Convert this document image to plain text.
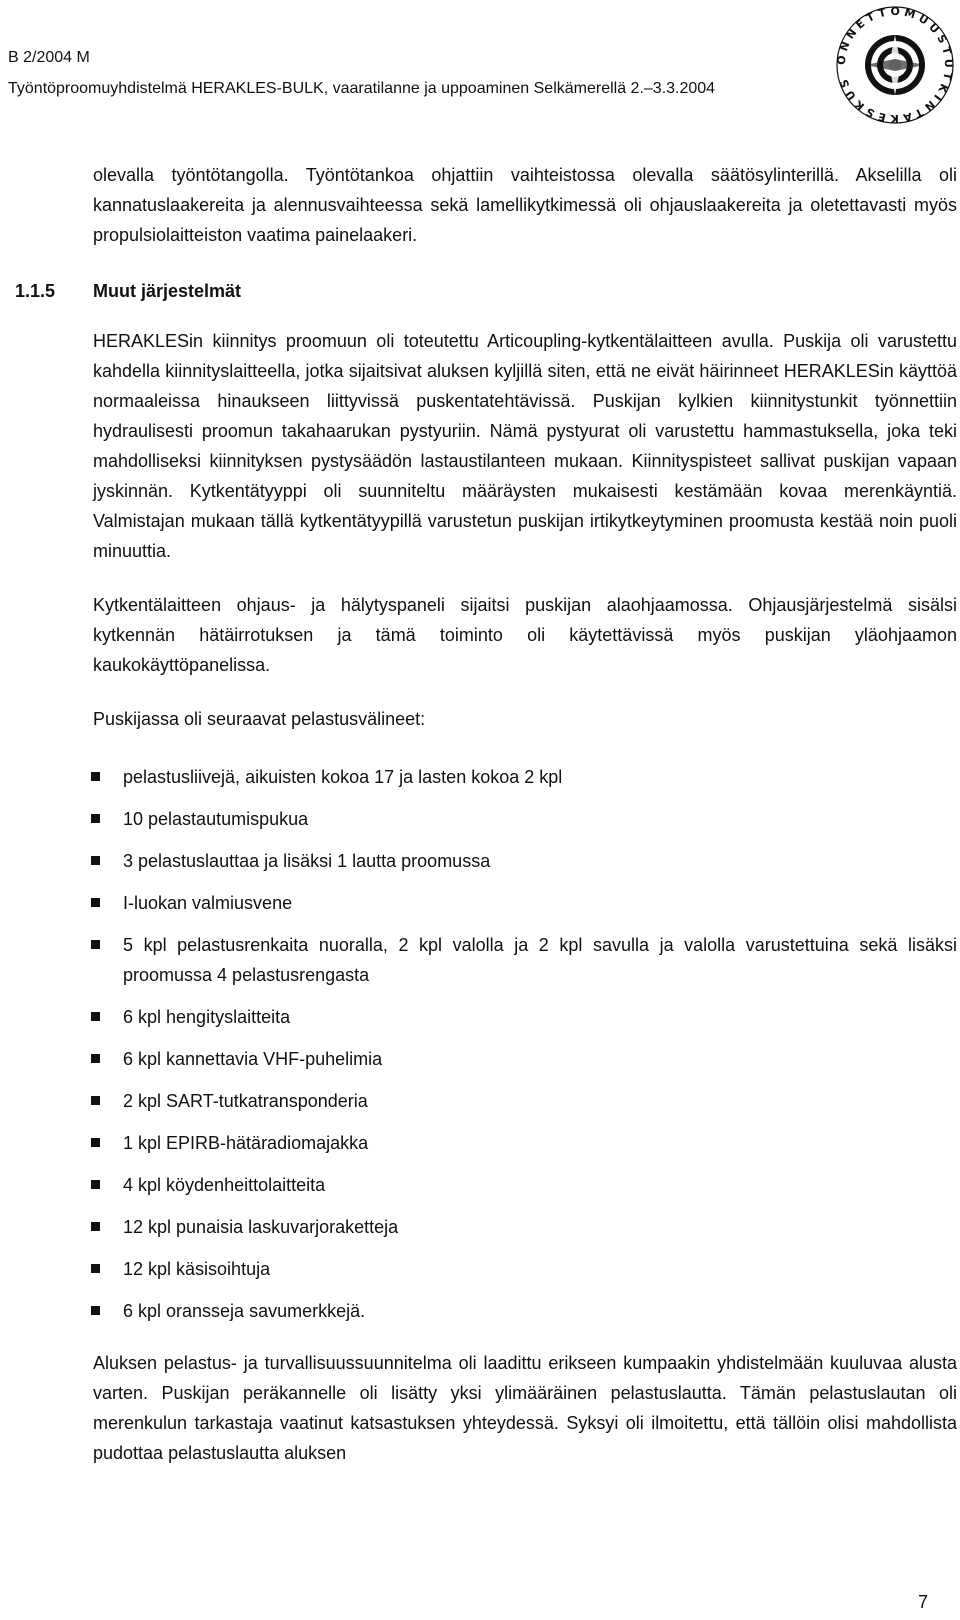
B 2/2004 M
Työntöproomuyhdistelmä HERAKLES-BULK, vaaratilanne ja uppoaminen Selkämerellä 2.–3.3.2004
ONNETTOMUUSTUTKINTAKESKUS

olevalla työntötangolla. Työntötankoa ohjattiin vaihteistossa olevalla säätösylinterillä. Akselilla oli kannatuslaakereita ja alennusvaihteessa sekä lamellikytkimessä oli ohjauslaakereita ja oletettavasti myös propulsiolaitteiston vaatima painelaakeri.

1.1.5 Muut järjestelmät

HERAKLESin kiinnitys proomuun oli toteutettu Articoupling-kytkentälaitteen avulla. Puskija oli varustettu kahdella kiinnityslaitteella, jotka sijaitsivat aluksen kyljillä siten, että ne eivät häirinneet HERAKLESin käyttöä normaaleissa hinaukseen liittyvissä puskentatehtävissä. Puskijan kylkien kiinnitystunkit työnnettiin hydraulisesti proomun takahaarukan pystyuriin. Nämä pystyurat oli varustettu hammastuksella, joka teki mahdolliseksi kiinnityksen pystysäädön lastaustilanteen mukaan. Kiinnityspisteet sallivat puskijan vapaan jyskinnän. Kytkentätyyppi oli suunniteltu määräysten mukaisesti kestämään kovaa merenkäyntiä. Valmistajan mukaan tällä kytkentätyypillä varustetun puskijan irtikytkeytyminen proomusta kestää noin puoli minuuttia.

Kytkentälaitteen ohjaus- ja hälytyspaneli sijaitsi puskijan alaohjaamossa. Ohjausjärjestelmä sisälsi kytkennän hätäirrotuksen ja tämä toiminto oli käytettävissä myös puskijan yläohjaamon kaukokäyttöpanelissa.

Puskijassa oli seuraavat pelastusvälineet:

pelastusliivejä, aikuisten kokoa 17 ja lasten kokoa 2 kpl
10 pelastautumispukua
3 pelastuslauttaa ja lisäksi 1 lautta proomussa
I-luokan valmiusvene
5 kpl pelastusrenkaita nuoralla, 2 kpl valolla ja 2 kpl savulla ja valolla varustettuina sekä lisäksi proomussa 4 pelastusrengasta
6 kpl hengityslaitteita
6 kpl kannettavia VHF-puhelimia
2 kpl SART-tutkatransponderia
1 kpl EPIRB-hätäradiomajakka
4 kpl köydenheittolaitteita
12 kpl punaisia laskuvarjoraketteja
12 kpl käsisoihtuja
6 kpl oransseja savumerkkejä.

Aluksen pelastus- ja turvallisuussuunnitelma oli laadittu erikseen kumpaakin yhdistelmään kuuluvaa alusta varten. Puskijan peräkannelle oli lisätty yksi ylimääräinen pelastuslautta. Tämän pelastuslautan oli merenkulun tarkastaja vaatinut katsastuksen yhteydessä. Syksyi oli ilmoitettu, että tällöin olisi mahdollista pudottaa pelastuslautta aluksen

7
